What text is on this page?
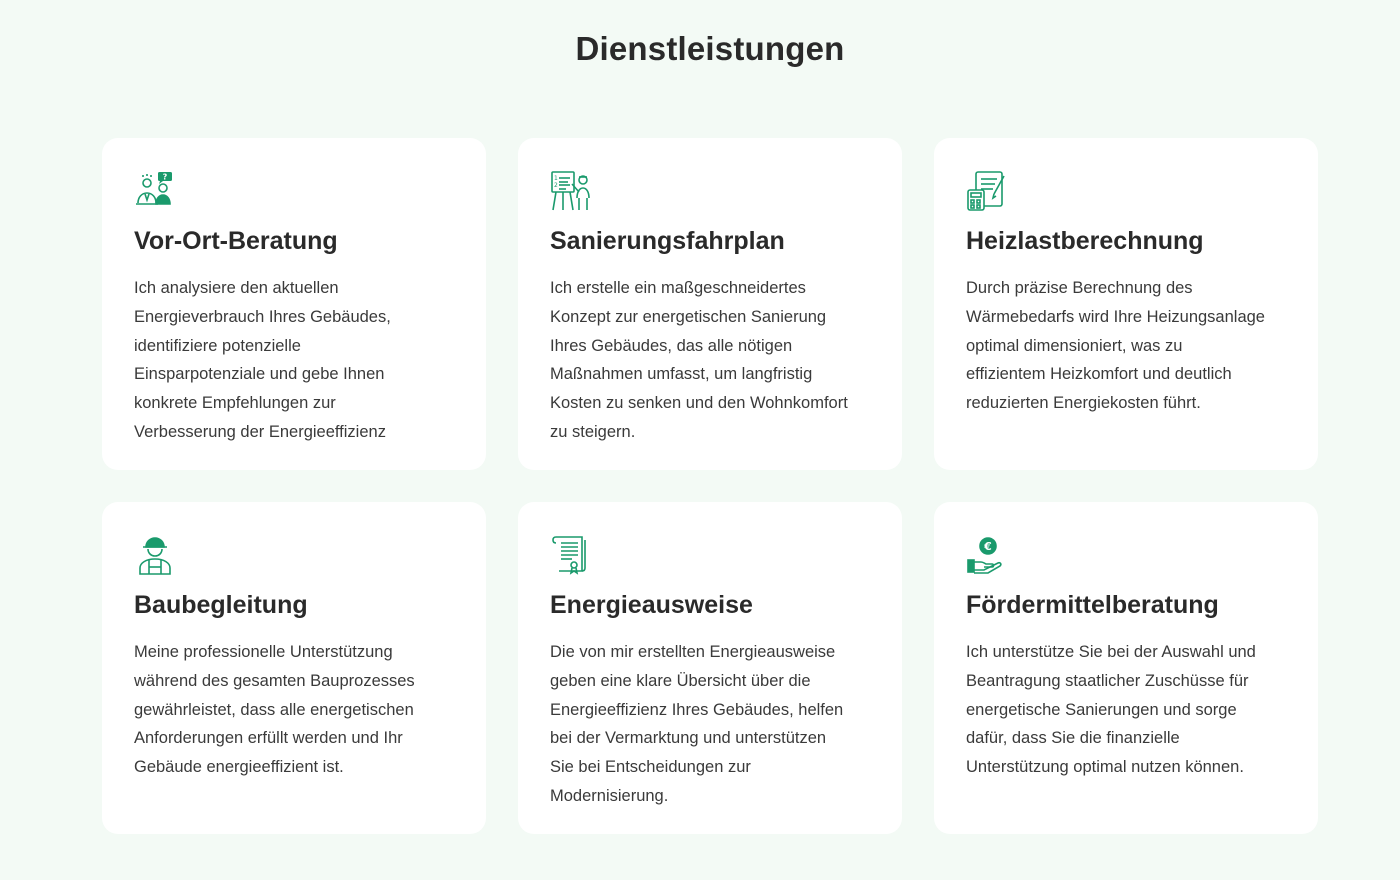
Dienstleistungen
?
Vor-Ort-Beratung

Ich analysiere den aktuellen Energieverbrauch Ihres Gebäudes, identifiziere potenzielle Einsparpotenziale und gebe Ihnen konkrete Empfehlungen zur Verbesserung der Energieeffizienz

1
2
Sanierungsfahrplan

Ich erstelle ein maßgeschneidertes Konzept zur energetischen Sanierung Ihres Gebäudes, das alle nötigen Maßnahmen umfasst, um langfristig Kosten zu senken und den Wohnkomfort zu steigern.

Heizlastberechnung

Durch präzise Berechnung des Wärmebedarfs wird Ihre Heizungsanlage optimal dimensioniert, was zu effizientem Heizkomfort und deutlich reduzierten Energiekosten führt.

Baubegleitung

Meine professionelle Unterstützung während des gesamten Bauprozesses gewährleistet, dass alle energetischen Anforderungen erfüllt werden und Ihr Gebäude energieeffizient ist.

Energieausweise

Die von mir erstellten Energieausweise geben eine klare Übersicht über die Energieeffizienz Ihres Gebäudes, helfen bei der Vermarktung und unterstützen Sie bei Entscheidungen zur Modernisierung.

€
Fördermittelberatung

Ich unterstütze Sie bei der Auswahl und Beantragung staatlicher Zuschüsse für energetische Sanierungen und sorge dafür, dass Sie die finanzielle Unterstützung optimal nutzen können.
